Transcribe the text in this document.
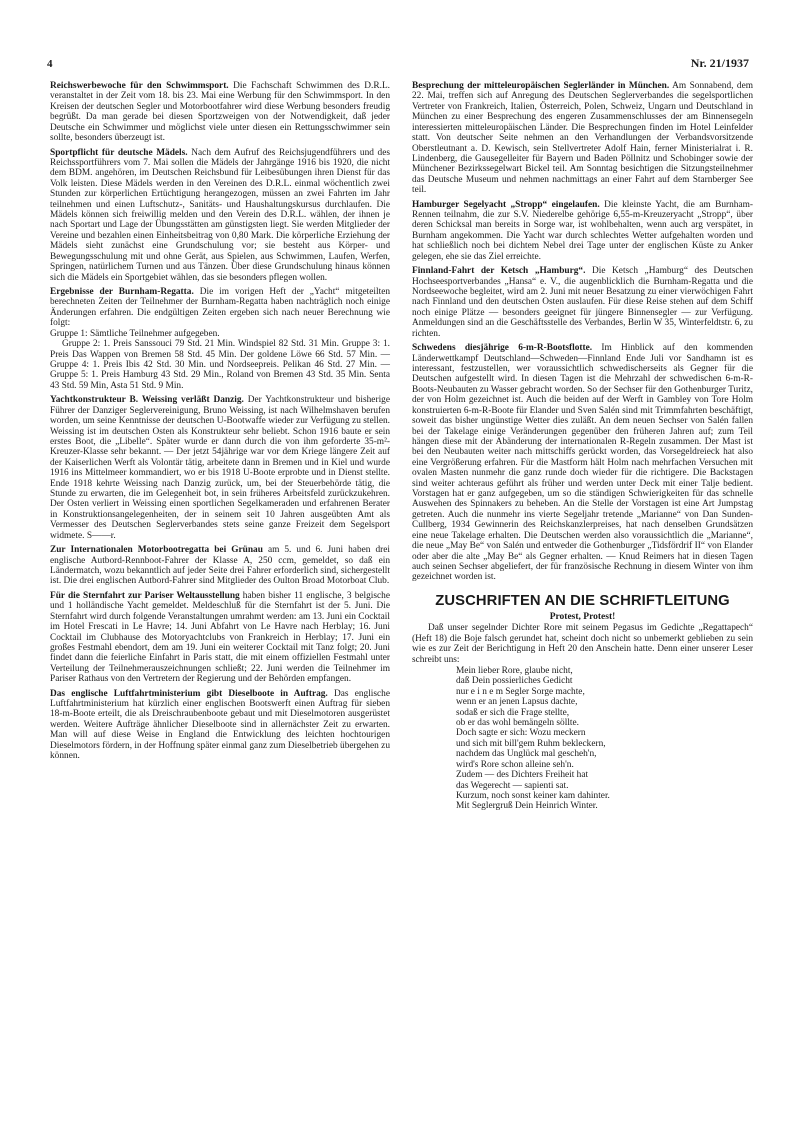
4	Nr. 21/1937

Reichswerbewoche für den Schwimmsport. Die Fachschaft Schwimmen des D.R.L. veranstaltet in der Zeit vom 18. bis 23. Mai eine Werbung für den Schwimmsport. In den Kreisen der deutschen Segler und Motorbootfahrer wird diese Werbung besonders freudig begrüßt. Da man gerade bei diesen Sportzweigen von der Notwendigkeit, daß jeder Deutsche ein Schwimmer und möglichst viele unter diesen ein Rettungsschwimmer sein sollte, besonders überzeugt ist.

Sportpflicht für deutsche Mädels. Nach dem Aufruf des Reichsjugendführers und des Reichssportführers vom 7. Mai sollen die Mädels der Jahrgänge 1916 bis 1920, die nicht dem BDM. angehören, im Deutschen Reichsbund für Leibesübungen ihren Dienst für das Volk leisten. Diese Mädels werden in den Vereinen des D.R.L. einmal wöchentlich zwei Stunden zur körperlichen Ertüchtigung herangezogen, müssen an zwei Fahrten im Jahr teilnehmen und einen Luftschutz-, Sanitäts- und Haushaltungskursus durchlaufen. Die Mädels können sich freiwillig melden und den Verein des D.R.L. wählen, der ihnen je nach Sportart und Lage der Übungsstätten am günstigsten liegt. Sie werden Mitglieder der Vereine und bezahlen einen Einheitsbeitrag von 0,80 Mark. Die körperliche Erziehung der Mädels sieht zunächst eine Grundschulung vor; sie besteht aus Körper- und Bewegungsschulung mit und ohne Gerät, aus Spielen, aus Schwimmen, Laufen, Werfen, Springen, natürlichem Turnen und aus Tänzen. Über diese Grundschulung hinaus können sich die Mädels ein Sportgebiet wählen, das sie besonders pflegen wollen.

Ergebnisse der Burnham-Regatta. Die im vorigen Heft der „Yacht“ mitgeteilten berechneten Zeiten der Teilnehmer der Burnham-Regatta haben nachträglich noch einige Änderungen erfahren. Die endgültigen Zeiten ergeben sich nach neuer Berechnung wie folgt:

Gruppe 1: Sämtliche Teilnehmer aufgegeben.
Gruppe 2: 1. Preis Sanssouci 79 Std. 21 Min. Windspiel 82 Std. 31 Min. Gruppe 3: 1. Preis Das Wappen von Bremen 58 Std. 45 Min. Der goldene Löwe 66 Std. 57 Min. — Gruppe 4: 1. Preis Ibis 42 Std. 30 Min. und Nordseepreis. Pelikan 46 Std. 27 Min. — Gruppe 5: 1. Preis Hamburg 43 Std. 29 Min., Roland von Bremen 43 Std. 35 Min. Senta 43 Std. 59 Min, Asta 51 Std. 9 Min.

Yachtkonstrukteur B. Weissing verläßt Danzig. Der Yachtkonstrukteur und bisherige Führer der Danziger Seglervereinigung, Bruno Weissing, ist nach Wilhelmshaven berufen worden, um seine Kenntnisse der deutschen U-Bootwaffe wieder zur Verfügung zu stellen. Weissing ist im deutschen Osten als Konstrukteur sehr beliebt. Schon 1916 baute er sein erstes Boot, die „Libelle“. Später wurde er dann durch die von ihm geforderte 35-m²-Kreuzer-Klasse sehr bekannt. — Der jetzt 54jährige war vor dem Kriege längere Zeit auf der Kaiserlichen Werft als Volontär tätig, arbeitete dann in Bremen und in Kiel und wurde 1916 ins Mittelmeer kommandiert, wo er bis 1918 U-Boote erprobte und in Dienst stellte. Ende 1918 kehrte Weissing nach Danzig zurück, um, bei der Steuerbehörde tätig, die Stunde zu erwarten, die im Gelegenheit bot, in sein früheres Arbeitsfeld zurückzukehren. Der Osten verliert in Weissing einen sportlichen Segelkameraden und erfahrenen Berater in Konstruktionsangelegenheiten, der in seinem seit 10 Jahren ausgeübten Amt als Vermesser des Deutschen Seglerverbandes stets seine ganze Freizeit dem Segelsport widmete. S——r.

Zur Internationalen Motorbootregatta bei Grünau am 5. und 6. Juni haben drei englische Autbord-Rennboot-Fahrer der Klasse A, 250 ccm, gemeldet, so daß ein Ländermatch, wozu bekanntlich auf jeder Seite drei Fahrer erforderlich sind, sichergestellt ist. Die drei englischen Autbord-Fahrer sind Mitglieder des Oulton Broad Motorboat Club.

Für die Sternfahrt zur Pariser Weltausstellung haben bisher 11 englische, 3 belgische und 1 holländische Yacht gemeldet. Meldeschluß für die Sternfahrt ist der 5. Juni. Die Sternfahrt wird durch folgende Veranstaltungen umrahmt werden: am 13. Juni ein Cocktail im Hotel Frescati in Le Havre; 14. Juni Abfahrt von Le Havre nach Herblay; 16. Juni Cocktail im Clubhause des Motoryachtclubs von Frankreich in Herblay; 17. Juni ein großes Festmahl ebendort, dem am 19. Juni ein weiterer Cocktail mit Tanz folgt; 20. Juni findet dann die feierliche Einfahrt in Paris statt, die mit einem offiziellen Festmahl unter Verteilung der Teilnehmerauszeichnungen schließt; 22. Juni werden die Teilnehmer im Pariser Rathaus von den Vertretern der Regierung und der Behörden empfangen.

Das englische Luftfahrtministerium gibt Dieselboote in Auftrag. Das englische Luftfahrtministerium hat kürzlich einer englischen Bootswerft einen Auftrag für sieben 18-m-Boote erteilt, die als Dreischraubenboote gebaut und mit Dieselmotoren ausgerüstet werden. Weitere Aufträge ähnlicher Dieselboote sind in allernächster Zeit zu erwarten. Man will auf diese Weise in England die Entwicklung des leichten hochtourigen Dieselmotors fördern, in der Hoffnung später einmal ganz zum Dieselbetrieb übergehen zu können.

Besprechung der mitteleuropäischen Seglerländer in München. Am Sonnabend, dem 22. Mai, treffen sich auf Anregung des Deutschen Seglerverbandes die segelsportlichen Vertreter von Frankreich, Italien, Österreich, Polen, Schweiz, Ungarn und Deutschland in München zu einer Besprechung des engeren Zusammenschlusses der am Binnensegeln interessierten mitteleuropäischen Länder. Die Besprechungen finden im Hotel Leinfelder statt. Von deutscher Seite nehmen an den Verhandlungen der Verbandsvorsitzende Oberstleutnant a. D. Kewisch, sein Stellvertreter Adolf Hain, ferner Ministerialrat i. R. Lindenberg, die Gausegelleiter für Bayern und Baden Pöllnitz und Schobinger sowie der Münchener Bezirkssegelwart Bickel teil. Am Sonntag besichtigen die Sitzungsteilnehmer das Deutsche Museum und nehmen nachmittags an einer Fahrt auf dem Starnberger See teil.

Hamburger Segelyacht „Stropp“ eingelaufen. Die kleinste Yacht, die am Burnham-Rennen teilnahm, die zur S.V. Niederelbe gehörige 6,55-m-Kreuzeryacht „Stropp“, über deren Schicksal man bereits in Sorge war, ist wohlbehalten, wenn auch arg verspätet, in Burnham angekommen. Die Yacht war durch schlechtes Wetter aufgehalten worden und hat schließlich noch bei dichtem Nebel drei Tage unter der englischen Küste zu Anker gelegen, ehe sie das Ziel erreichte.

Finnland-Fahrt der Ketsch „Hamburg“. Die Ketsch „Hamburg“ des Deutschen Hochseesportverbandes „Hansa“ e. V., die augenblicklich die Burnham-Regatta und die Nordseewoche begleitet, wird am 2. Juni mit neuer Besatzung zu einer vierwöchigen Fahrt nach Finnland und den deutschen Osten auslaufen. Für diese Reise stehen auf dem Schiff noch einige Plätze — besonders geeignet für jüngere Binnensegler — zur Verfügung. Anmeldungen sind an die Geschäftsstelle des Verbandes, Berlin W 35, Winterfeldtstr. 6, zu richten.

Schwedens diesjährige 6-m-R-Bootsflotte. Im Hinblick auf den kommenden Länderwettkampf Deutschland—Schweden—Finnland Ende Juli vor Sandhamn ist es interessant, festzustellen, wer voraussichtlich schwedischerseits als Gegner für die Deutschen aufgestellt wird. In diesen Tagen ist die Mehrzahl der schwedischen 6-m-R-Boots-Neubauten zu Wasser gebracht worden. So der Sechser für den Gothenburger Turitz, der von Holm gezeichnet ist. Auch die beiden auf der Werft in Gambley von Tore Holm konstruierten 6-m-R-Boote für Elander und Sven Salén sind mit Trimmfahrten beschäftigt, soweit das bisher ungünstige Wetter dies zuläßt. An dem neuen Sechser von Salén fallen bei der Takelage einige Veränderungen gegenüber den früheren Jahren auf; zum Teil hängen diese mit der Abänderung der internationalen R-Regeln zusammen. Der Mast ist bei den Neubauten weiter nach mittschiffs gerückt worden, das Vorsegeldreieck hat also eine Vergrößerung erfahren. Für die Mastform hält Holm nach mehrfachen Versuchen mit ovalen Masten nunmehr die ganz runde doch wieder für die richtigere. Die Backstagen sind weiter achteraus geführt als früher und werden unter Deck mit einer Talje bedient. Vorstagen hat er ganz aufgegeben, um so die ständigen Schwierigkeiten für das schnelle Auswehen des Spinnakers zu beheben. An die Stelle der Vorstagen ist eine Art Jumpstag getreten. Auch die nunmehr ins vierte Segeljahr tretende „Marianne“ von Dan Sunden-Cullberg, 1934 Gewinnerin des Reichskanzlerpreises, hat nach denselben Grundsätzen eine neue Takelage erhalten. Die Deutschen werden also voraussichtlich die „Marianne“, die neue „May Be“ von Salén und entweder die Gothenburger „Tidsfördrif II“ von Elander oder aber die alte „May Be“ als Gegner erhalten. — Knud Reimers hat in diesen Tagen auch seinen Sechser abgeliefert, der für französische Rechnung in diesem Winter von ihm gezeichnet worden ist.

ZUSCHRIFTEN AN DIE SCHRIFTLEITUNG
Protest, Protest!

Daß unser segelnder Dichter Rore mit seinem Pegasus im Gedichte „Regattapech“ (Heft 18) die Boje falsch gerundet hat, scheint doch nicht so unbemerkt geblieben zu sein wie es zur Zeit der Berichtigung in Heft 20 den Anschein hatte. Denn einer unserer Leser schreibt uns:

Mein lieber Rore, glaube nicht,
daß Dein possierliches Gedicht
nur e i n e m Segler Sorge machte,
wenn er an jenen Lapsus dachte,
sodaß er sich die Frage stellte,
ob er das wohl bemängeln söllte.
Doch sagte er sich: Wozu meckern
und sich mit bill'gem Ruhm bekleckern,
nachdem das Unglück mal gescheh'n,
wird's Rore schon alleine seh'n.
Zudem — des Dichters Freiheit hat
das Wegerecht — sapienti sat.
Kurzum, noch sonst keiner kam dahinter.
Mit Seglergruß Dein Heinrich Winter.
